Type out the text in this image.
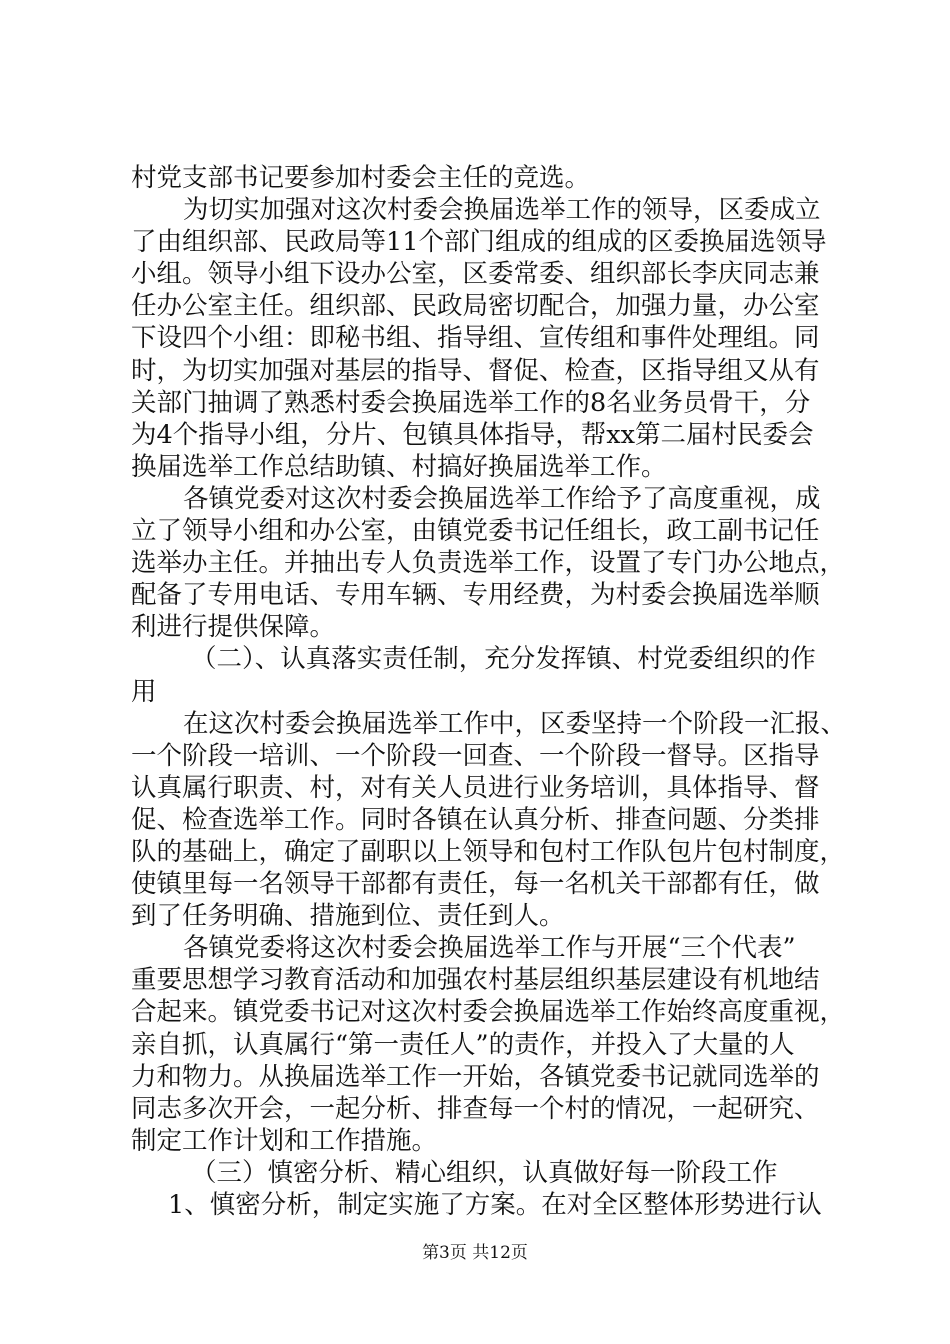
村党支部书记要参加村委会主任的竞选。
为切实加强对这次村委会换届选举工作的领导，区委成立
了由组织部、民政局等11个部门组成的组成的区委换届选领导
小组。领导小组下设办公室，区委常委、组织部长李庆同志兼
任办公室主任。组织部、民政局密切配合，加强力量，办公室
下设四个小组：即秘书组、指导组、宣传组和事件处理组。同
时，为切实加强对基层的指导、督促、检查，区指导组又从有
关部门抽调了熟悉村委会换届选举工作的8名业务员骨干，分
为4个指导小组，分片、包镇具体指导，帮xx第二届村民委会
换届选举工作总结助镇、村搞好换届选举工作。
各镇党委对这次村委会换届选举工作给予了高度重视，成
立了领导小组和办公室，由镇党委书记任组长，政工副书记任
选举办主任。并抽出专人负责选举工作，设置了专门办公地点，
配备了专用电话、专用车辆、专用经费，为村委会换届选举顺
利进行提供保障。
（二）、认真落实责任制，充分发挥镇、村党委组织的作
用
在这次村委会换届选举工作中，区委坚持一个阶段一汇报、
一个阶段一培训、一个阶段一回查、一个阶段一督导。区指导
认真属行职责、村，对有关人员进行业务培训，具体指导、督
促、检查选举工作。同时各镇在认真分析、排查问题、分类排
队的基础上，确定了副职以上领导和包村工作队包片包村制度，
使镇里每一名领导干部都有责任，每一名机关干部都有任，做
到了任务明确、措施到位、责任到人。
各镇党委将这次村委会换届选举工作与开展“三个代表”
重要思想学习教育活动和加强农村基层组织基层建设有机地结
合起来。镇党委书记对这次村委会换届选举工作始终高度重视，
亲自抓，认真属行“第一责任人”的责作，并投入了大量的人
力和物力。从换届选举工作一开始，各镇党委书记就同选举的
同志多次开会，一起分析、排查每一个村的情况，一起研究、
制定工作计划和工作措施。
（三）慎密分析、精心组织，认真做好每一阶段工作
1、慎密分析，制定实施了方案。在对全区整体形势进行认
第3页 共12页
